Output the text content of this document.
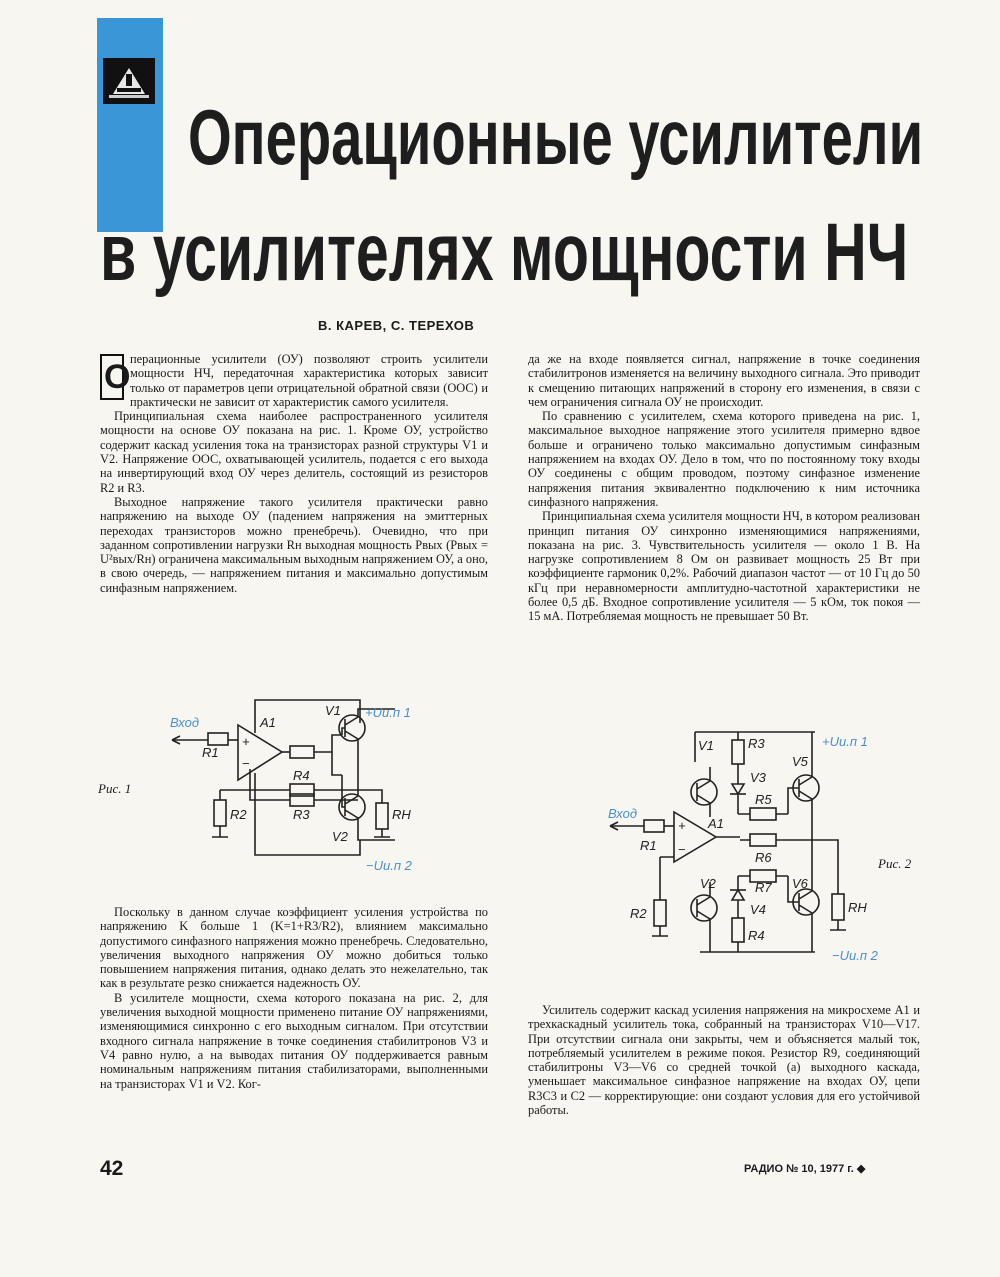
Операционные усилители
в усилителях мощности НЧ
В. КАРЕВ, С. ТЕРЕХОВ

О перационные усилители (ОУ) позволяют строить усилители мощности НЧ, передаточная характеристика которых зависит только от параметров цепи отрицательной обратной связи (ООС) и практически не зависит от характеристик самого усилителя.

Принципиальная схема наиболее распространенного усилителя мощности на основе ОУ показана на рис. 1. Кроме ОУ, устройство содержит каскад усиления тока на транзисторах разной структуры V1 и V2. Напряжение ООС, охватывающей усилитель, подается с его выхода на инвертирующий вход ОУ через делитель, состоящий из резисторов R2 и R3.

Выходное напряжение такого усилителя практически равно напряжению на выходе ОУ (падением напряжения на эмиттерных переходах транзисторов можно пренебречь). Очевидно, что при заданном сопротивлении нагрузки Rн выходная мощность Pвых (Pвых = U²вых/Rн) ограничена максимальным выходным напряжением ОУ, а оно, в свою очередь, — напряжением питания и максимально допустимым синфазным напряжением.

Рис. 1
Вход
R1
A1
+
−
R4
R3
R2
V1
V2
RН
+Uи.п 1
−Uи.п 2

Поскольку в данном случае коэффициент усиления устройства по напряжению K больше 1 (K=1+R3/R2), влиянием максимально допустимого синфазного напряжения можно пренебречь. Следовательно, увеличения выходного напряжения ОУ можно добиться только повышением напряжения питания, однако делать это нежелательно, так как в результате резко снижается надежность ОУ.

В усилителе мощности, схема которого показана на рис. 2, для увеличения выходной мощности применено питание ОУ напряжениями, изменяющимися синхронно с его выходным сигналом. При отсутствии входного сигнала напряжение в точке соединения стабилитронов V3 и V4 равно нулю, а на выводах питания ОУ поддерживается равным номинальным напряжениям питания стабилизаторами, выполненными на транзисторах V1 и V2. Ког-

да же на входе появляется сигнал, напряжение в точке соединения стабилитронов изменяется на величину выходного сигнала. Это приводит к смещению питающих напряжений в сторону его изменения, в связи с чем ограничения сигнала ОУ не происходит.

По сравнению с усилителем, схема которого приведена на рис. 1, максимальное выходное напряжение этого усилителя примерно вдвое больше и ограничено только максимально допустимым синфазным напряжением на входах ОУ. Дело в том, что по постоянному току входы ОУ соединены с общим проводом, поэтому синфазное изменение напряжения питания эквивалентно подключению к ним источника синфазного напряжения.

Принципиальная схема усилителя мощности НЧ, в котором реализован принцип питания ОУ синхронно изменяющимися напряжениями, показана на рис. 3. Чувствительность усилителя — около 1 В. На нагрузке сопротивлением 8 Ом он развивает мощность 25 Вт при коэффициенте гармоник 0,2%. Рабочий диапазон частот — от 10 Гц до 50 кГц при неравномерности амплитудно-частотной характеристики не более 0,5 дБ. Входное сопротивление усилителя — 5 кОм, ток покоя — 15 мА. Потребляемая мощность не превышает 50 Вт.

Рис. 2
Вход
R1
A1
+
−
V1
V2
R3
V3
R5
R6
R7
V4
R4
V5
V6
R2	RН
+Uи.п 1
−Uи.п 2

Усилитель содержит каскад усиления напряжения на микросхеме A1 и трехкаскадный усилитель тока, собранный на транзисторах V10—V17. При отсутствии сигнала они закрыты, чем и объясняется малый ток, потребляемый усилителем в режиме покоя. Резистор R9, соединяющий стабилитроны V3—V6 со средней точкой (а) выходного каскада, уменьшает максимальное синфазное напряжение на входах ОУ, цепи R3C3 и C2 — корректирующие: они создают условия для его устойчивой работы.

42	РАДИО № 10, 1977 г. ◆
